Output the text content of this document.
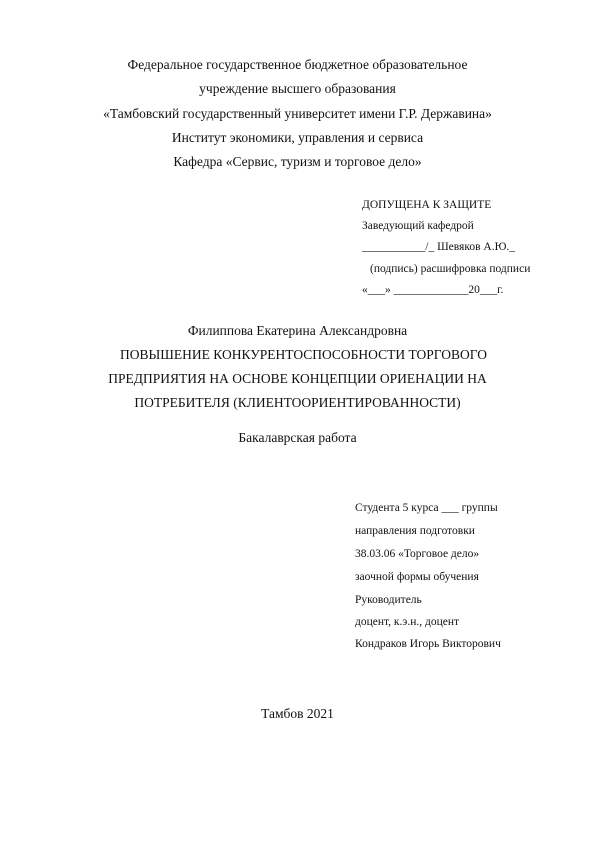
Федеральное государственное бюджетное образовательное
учреждение высшего образования
«Тамбовский государственный университет имени Г.Р. Державина»
Институт экономики, управления и сервиса
Кафедра «Сервис, туризм и торговое дело»
ДОПУЩЕНА К ЗАЩИТЕ
Заведующий кафедрой
___________/_ Шевяков А.Ю._
(подпись) расшифровка подписи
«___» _____________20___г.
Филиппова Екатерина Александровна
ПОВЫШЕНИЕ КОНКУРЕНТОСПОСОБНОСТИ ТОРГОВОГО
ПРЕДПРИЯТИЯ НА ОСНОВЕ КОНЦЕПЦИИ ОРИЕНАЦИИ НА
ПОТРЕБИТЕЛЯ (КЛИЕНТООРИЕНТИРОВАННОСТИ)
Бакалаврская работа
Студента 5 курса ___ группы
направления подготовки
38.03.06 «Торговое дело»
заочной формы обучения
Руководитель
доцент, к.э.н., доцент
Кондраков Игорь Викторович
Тамбов 2021
